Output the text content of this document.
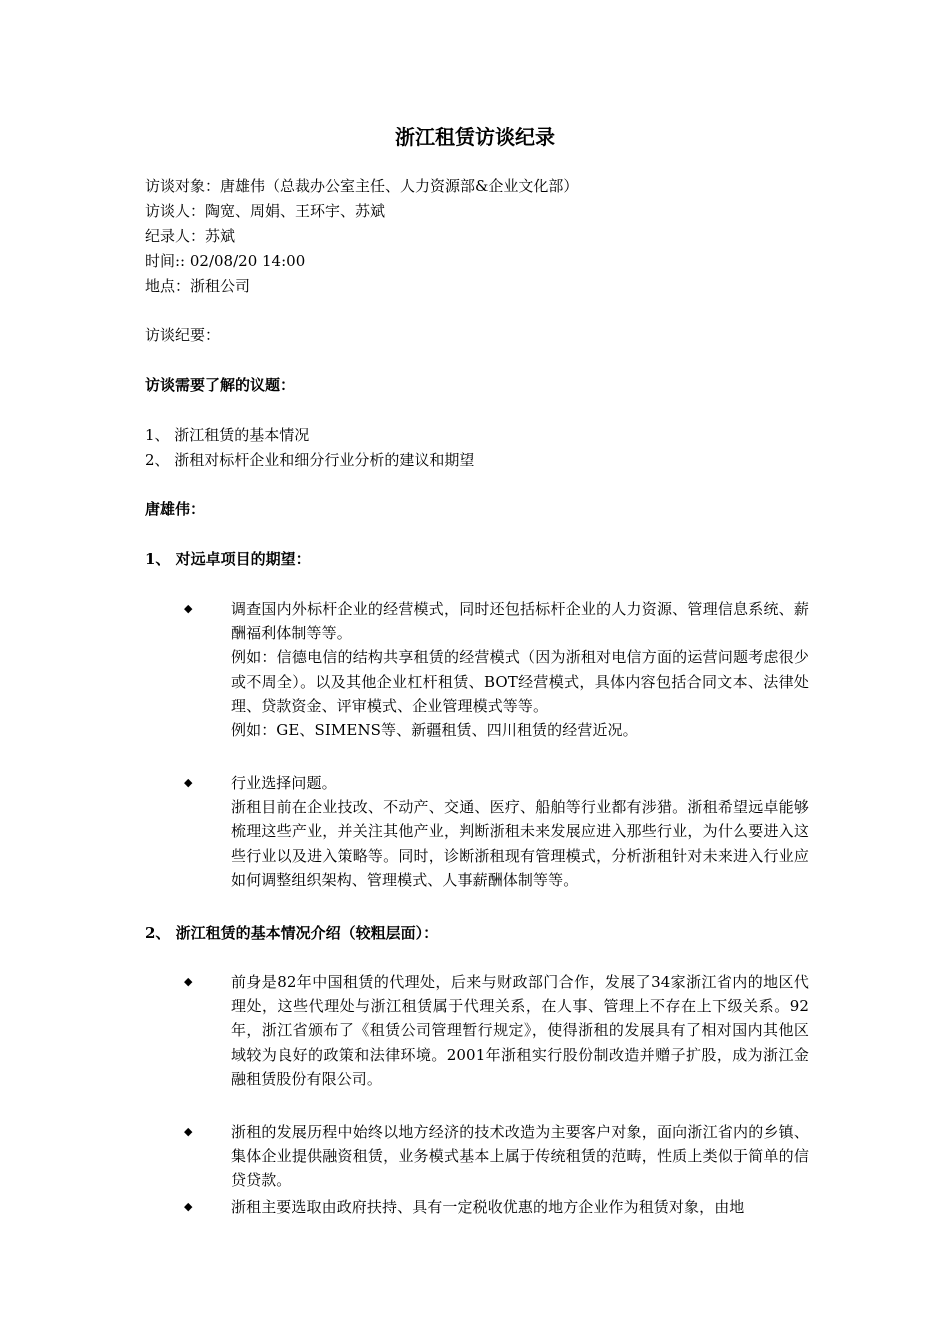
浙江租赁访谈纪录
访谈对象：唐雄伟（总裁办公室主任、人力资源部&企业文化部）
访谈人：陶宽、周娟、王环宇、苏斌
纪录人：苏斌
时间:: 02/08/20 14:00
地点：浙租公司
访谈纪要：
访谈需要了解的议题：
1、 浙江租赁的基本情况
2、 浙租对标杆企业和细分行业分析的建议和期望
唐雄伟：
1、 对远卓项目的期望：
◆	调查国内外标杆企业的经营模式，同时还包括标杆企业的人力资源、管理信息系统、薪酬福利体制等等。
例如：信德电信的结构共享租赁的经营模式（因为浙租对电信方面的运营问题考虑很少或不周全）。以及其他企业杠杆租赁、BOT经营模式，具体内容包括合同文本、法律处理、贷款资金、评审模式、企业管理模式等等。
例如：GE、SIMENS等、新疆租赁、四川租赁的经营近况。
◆	行业选择问题。
浙租目前在企业技改、不动产、交通、医疗、船舶等行业都有涉猎。浙租希望远卓能够梳理这些产业，并关注其他产业，判断浙租未来发展应进入那些行业，为什么要进入这些行业以及进入策略等。同时，诊断浙租现有管理模式，分析浙租针对未来进入行业应如何调整组织架构、管理模式、人事薪酬体制等等。
2、 浙江租赁的基本情况介绍（较粗层面）：
◆	前身是82年中国租赁的代理处，后来与财政部门合作，发展了34家浙江省内的地区代理处，这些代理处与浙江租赁属于代理关系，在人事、管理上不存在上下级关系。92年，浙江省颁布了《租赁公司管理暂行规定》，使得浙租的发展具有了相对国内其他区域较为良好的政策和法律环境。2001年浙租实行股份制改造并赠子扩股，成为浙江金融租赁股份有限公司。
◆	浙租的发展历程中始终以地方经济的技术改造为主要客户对象，面向浙江省内的乡镇、集体企业提供融资租赁，业务模式基本上属于传统租赁的范畴，性质上类似于简单的信贷贷款。
◆	浙租主要选取由政府扶持、具有一定税收优惠的地方企业作为租赁对象，由地
